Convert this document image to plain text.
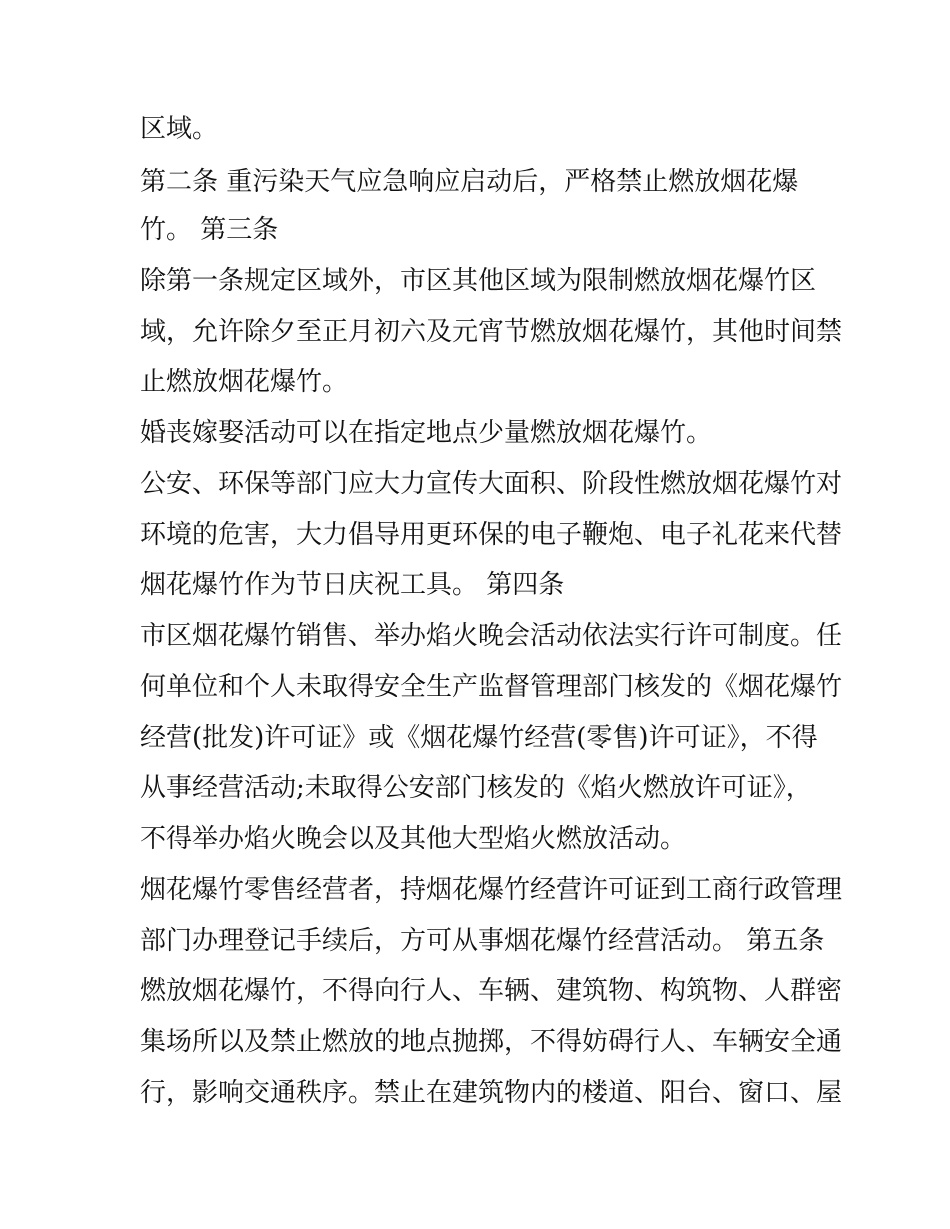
区域。
第二条 重污染天气应急响应启动后，严格禁止燃放烟花爆
竹。 第三条
除第一条规定区域外，市区其他区域为限制燃放烟花爆竹区
域，允许除夕至正月初六及元宵节燃放烟花爆竹，其他时间禁
止燃放烟花爆竹。
婚丧嫁娶活动可以在指定地点少量燃放烟花爆竹。
公安、环保等部门应大力宣传大面积、阶段性燃放烟花爆竹对
环境的危害，大力倡导用更环保的电子鞭炮、电子礼花来代替
烟花爆竹作为节日庆祝工具。 第四条
市区烟花爆竹销售、举办焰火晚会活动依法实行许可制度。任
何单位和个人未取得安全生产监督管理部门核发的《烟花爆竹
经营(批发)许可证》或《烟花爆竹经营(零售)许可证》，不得
从事经营活动;未取得公安部门核发的《焰火燃放许可证》，
不得举办焰火晚会以及其他大型焰火燃放活动。
烟花爆竹零售经营者，持烟花爆竹经营许可证到工商行政管理
部门办理登记手续后，方可从事烟花爆竹经营活动。 第五条
燃放烟花爆竹，不得向行人、车辆、建筑物、构筑物、人群密
集场所以及禁止燃放的地点抛掷，不得妨碍行人、车辆安全通
行，影响交通秩序。禁止在建筑物内的楼道、阳台、窗口、屋
